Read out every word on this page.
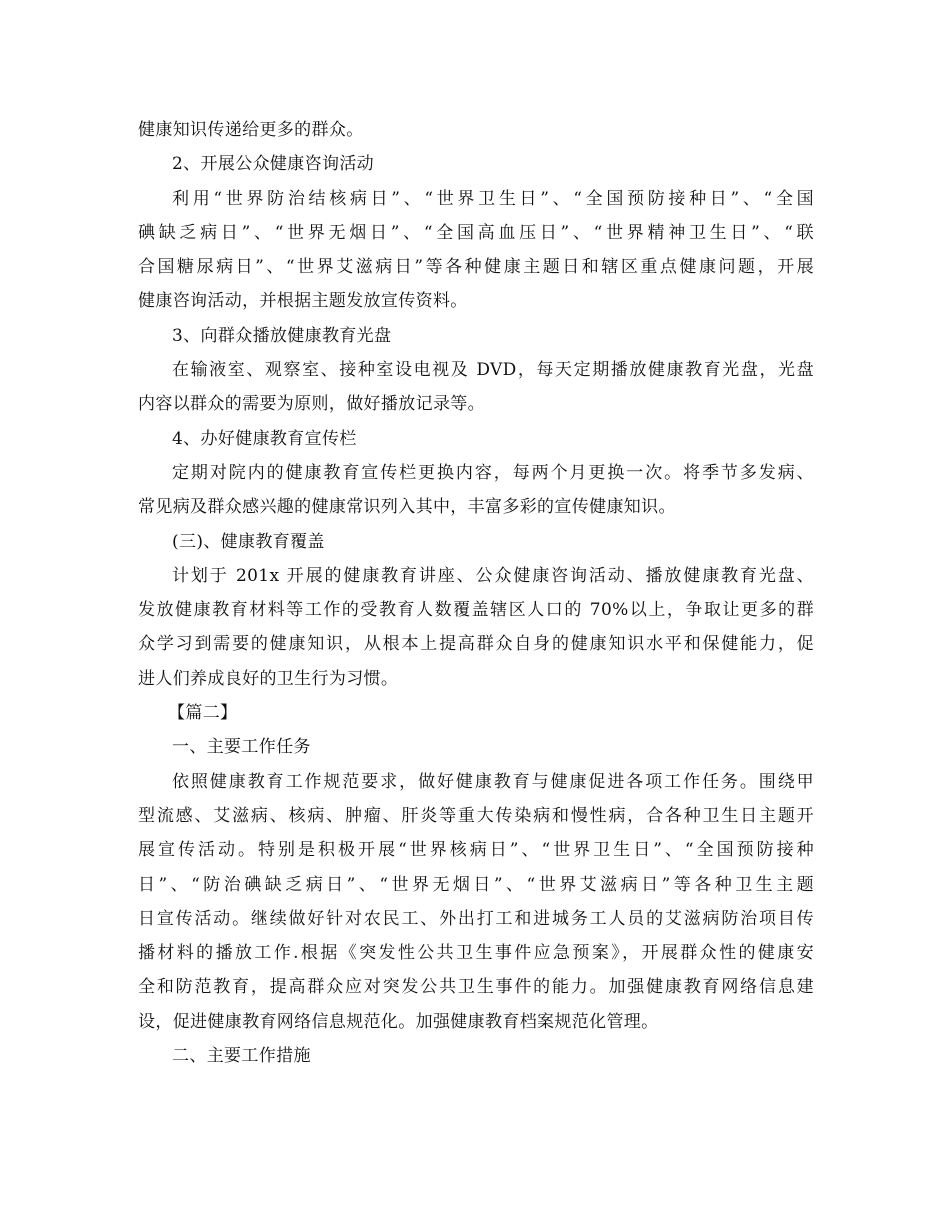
健康知识传递给更多的群众。
2、开展公众健康咨询活动
利用“世界防治结核病日”、“世界卫生日”、“全国预防接种日”、“全国
碘缺乏病日”、“世界无烟日”、“全国高血压日”、“世界精神卫生日”、“联
合国糖尿病日”、“世界艾滋病日”等各种健康主题日和辖区重点健康问题，开展
健康咨询活动，并根据主题发放宣传资料。
3、向群众播放健康教育光盘
在输液室、观察室、接种室设电视及 DVD，每天定期播放健康教育光盘，光盘
内容以群众的需要为原则，做好播放记录等。
4、办好健康教育宣传栏
定期对院内的健康教育宣传栏更换内容，每两个月更换一次。将季节多发病、
常见病及群众感兴趣的健康常识列入其中，丰富多彩的宣传健康知识。
(三)、健康教育覆盖
计划于 201x 开展的健康教育讲座、公众健康咨询活动、播放健康教育光盘、
发放健康教育材料等工作的受教育人数覆盖辖区人口的 70%以上，争取让更多的群
众学习到需要的健康知识，从根本上提高群众自身的健康知识水平和保健能力，促
进人们养成良好的卫生行为习惯。
【篇二】
一、主要工作任务
依照健康教育工作规范要求，做好健康教育与健康促进各项工作任务。围绕甲
型流感、艾滋病、核病、肿瘤、肝炎等重大传染病和慢性病，合各种卫生日主题开
展宣传活动。特别是积极开展“世界核病日”、“世界卫生日”、“全国预防接种
日”、“防治碘缺乏病日”、“世界无烟日”、“世界艾滋病日”等各种卫生主题
日宣传活动。继续做好针对农民工、外出打工和进城务工人员的艾滋病防治项目传
播材料的播放工作.根据《突发性公共卫生事件应急预案》，开展群众性的健康安
全和防范教育，提高群众应对突发公共卫生事件的能力。加强健康教育网络信息建
设，促进健康教育网络信息规范化。加强健康教育档案规范化管理。
二、主要工作措施
